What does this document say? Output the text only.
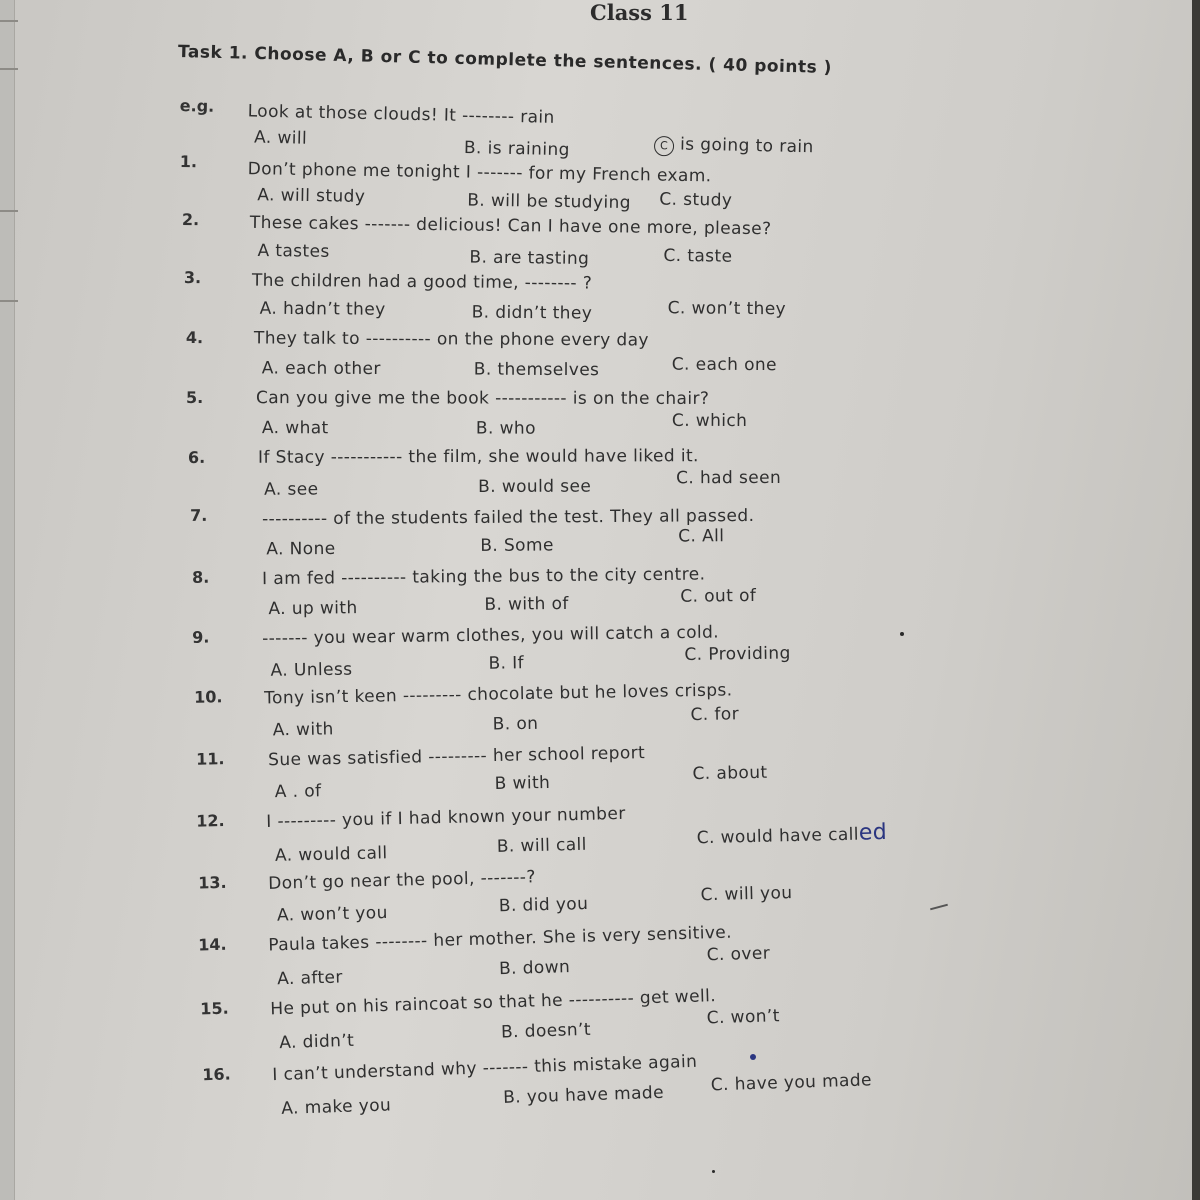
Class 11
Task 1. Choose A, B or C to complete the sentences. ( 40 points )
e.g. Look at those clouds! It -------- rain
A. will	B. is raining	C is going to rain
1.	Don’t phone me tonight I ------- for my French exam.
A. will study	B. will be studying C. study
2.	These cakes ------- delicious! Can I have one more, please?
A tastes	B. are tasting	C. taste
3.	The children had a good time, -------- ?
A. hadn’t they	B. didn’t they	C. won’t they
4.	They talk to ---------- on the phone every day
A. each other	B. themselves	C. each one
5.	Can you give me the book ----------- is on the chair?
A. what	B. who	C. which
6.	If Stacy ----------- the film, she would have liked it.
A. see	B. would see	C. had seen
7.	---------- of the students failed the test. They all passed.
A. None	B. Some	C. All
8.	I am fed ---------- taking the bus to the city centre.
A. up with	B. with of	C. out of
9.	------- you wear warm clothes, you will catch a cold.
A. Unless	B. If	C. Providing
10. Tony isn’t keen --------- chocolate but he loves crisps.
A. with	B. on	C. for
11.	Sue was satisfied --------- her school report
A . of	B with	C. about
12. I --------- you if I had known your number
A. would call	B. will call	C. would have called
13. Don’t go near the pool, -------?
A. won’t you	B. did you	C. will you
14. Paula takes -------- her mother. She is very sensitive.
A. after	B. down
C. over
15. He put on his raincoat so that he ---------- get well.
A. didn’t	B. doesn’t
C. won’t
16. I can’t understand why ------- this mistake again
A. make you	B. you have made
C. have you made
